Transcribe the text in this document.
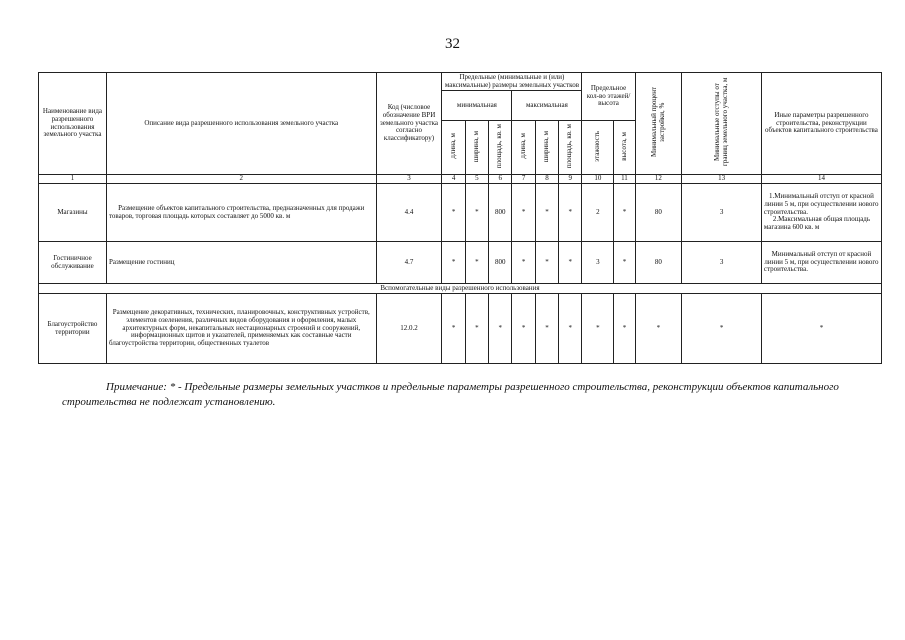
32
Наименование вида разрешенного использования земельного участка	Описание вида разрешенного использования земельного участка	Код (числовое обозначение ВРИ земельного участка согласно классификатору)	Предельные (минимальные и (или) максимальные) размеры земельных участков						Предельное кол-во этажей/высота		Минимальный процент застройки, %	Минимальные отступы от границ земельного участка, м	Иные параметры разрешенного строительства, реконструкции объектов капитального строительства
			минимальная			максимальная							
			длина, м	ширина, м	площадь, кв. м	длина, м	ширина, м	площадь, кв. м	этажность	высота, м			
1	2	3	4	5	6	7	8	9	10	11	12	13	14
Магазины	Размещение объектов капитального строительства, предназначенных для продажи товаров, торговая площадь которых составляет до 5000 кв. м	4.4	*	*	800	*	*	*	2	*	80	3	1.Минимальный отступ от красной линии 5 м, при осуществлении нового строительства.
2.Максимальная общая площадь магазина 600 кв. м

Гостиничное обслуживание	Размещение гостиниц	4.7	*	*	800	*	*	*	3	*	80	3	Минимальный отступ от красной линии 5 м, при осуществлении нового строительства.
Вспомогательные виды разрешенного использования													
Благоустройство территории	Размещение декоративных, технических, планировочных, конструктивных устройств, элементов озеленения, различных видов оборудования и оформления, малых архитектурных форм, некапитальных нестационарных строений и сооружений, информационных щитов и указателей, применяемых как составные части благоустройства территории, общественных туалетов	12.0.2	*	*	*	*	*	*	*	*	*	*	*
Примечание: * - Предельные размеры земельных участков и предельные параметры разрешенного строительства, реконструкции объектов капитального строительства не подлежат установлению.
